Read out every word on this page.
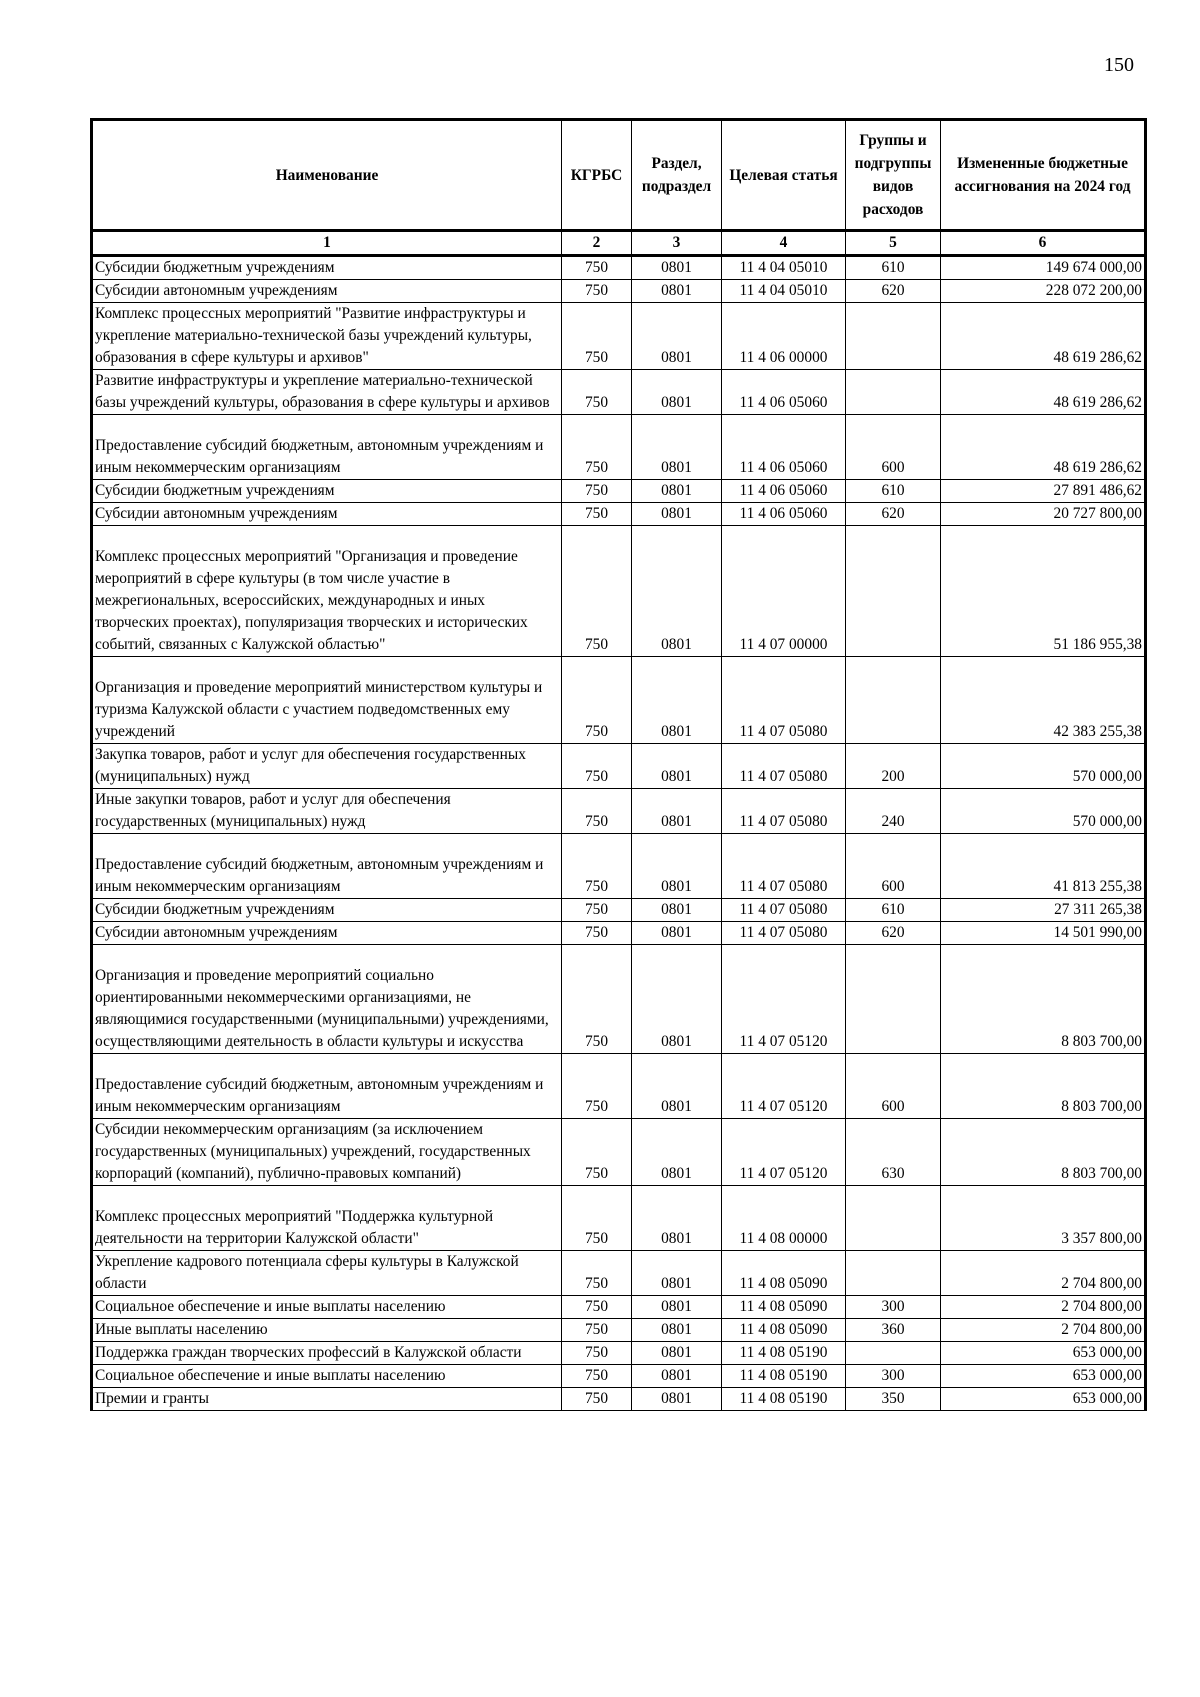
150
Наименование	КГРБС	Раздел, подраздел	Целевая статья	Группы и подгруппы видов расходов	Измененные бюджетные ассигнования на 2024 год
1	2	3	4	5	6
Субсидии бюджетным учреждениям	750	0801	11 4 04 05010	610	149 674 000,00
Субсидии автономным учреждениям	750	0801	11 4 04 05010	620	228 072 200,00
Комплекс процессных мероприятий "Развитие инфраструктуры и укрепление материально-технической базы учреждений культуры, образования в сфере культуры и архивов"	750	0801	11 4 06 00000		48 619 286,62
Развитие инфраструктуры и укрепление материально-технической базы учреждений культуры, образования в сфере культуры и архивов	750	0801	11 4 06 05060		48 619 286,62
Предоставление субсидий бюджетным, автономным учреждениям и иным некоммерческим организациям	750	0801	11 4 06 05060	600	48 619 286,62
Субсидии бюджетным учреждениям	750	0801	11 4 06 05060	610	27 891 486,62
Субсидии автономным учреждениям	750	0801	11 4 06 05060	620	20 727 800,00
Комплекс процессных мероприятий "Организация и проведение мероприятий в сфере культуры (в том числе участие в межрегиональных, всероссийских, международных и иных творческих проектах), популяризация творческих и исторических событий, связанных с Калужской областью"	750	0801	11 4 07 00000		51 186 955,38
Организация и проведение мероприятий министерством культуры и туризма Калужской области с участием подведомственных ему учреждений	750	0801	11 4 07 05080		42 383 255,38
Закупка товаров, работ и услуг для обеспечения государственных (муниципальных) нужд	750	0801	11 4 07 05080	200	570 000,00
Иные закупки товаров, работ и услуг для обеспечения государственных (муниципальных) нужд	750	0801	11 4 07 05080	240	570 000,00
Предоставление субсидий бюджетным, автономным учреждениям и иным некоммерческим организациям	750	0801	11 4 07 05080	600	41 813 255,38
Субсидии бюджетным учреждениям	750	0801	11 4 07 05080	610	27 311 265,38
Субсидии автономным учреждениям	750	0801	11 4 07 05080	620	14 501 990,00
Организация и проведение мероприятий социально ориентированными некоммерческими организациями, не являющимися государственными (муниципальными) учреждениями, осуществляющими деятельность в области культуры и искусства	750	0801	11 4 07 05120		8 803 700,00
Предоставление субсидий бюджетным, автономным учреждениям и иным некоммерческим организациям	750	0801	11 4 07 05120	600	8 803 700,00
Субсидии некоммерческим организациям (за исключением государственных (муниципальных) учреждений, государственных корпораций (компаний), публично-правовых компаний)	750	0801	11 4 07 05120	630	8 803 700,00
Комплекс процессных мероприятий "Поддержка культурной деятельности на территории Калужской области"	750	0801	11 4 08 00000		3 357 800,00
Укрепление кадрового потенциала сферы культуры в Калужской области	750	0801	11 4 08 05090		2 704 800,00
Социальное обеспечение и иные выплаты населению	750	0801	11 4 08 05090	300	2 704 800,00
Иные выплаты населению	750	0801	11 4 08 05090	360	2 704 800,00
Поддержка граждан творческих профессий в Калужской области	750	0801	11 4 08 05190		653 000,00
Социальное обеспечение и иные выплаты населению	750	0801	11 4 08 05190	300	653 000,00
Премии и гранты	750	0801	11 4 08 05190	350	653 000,00
